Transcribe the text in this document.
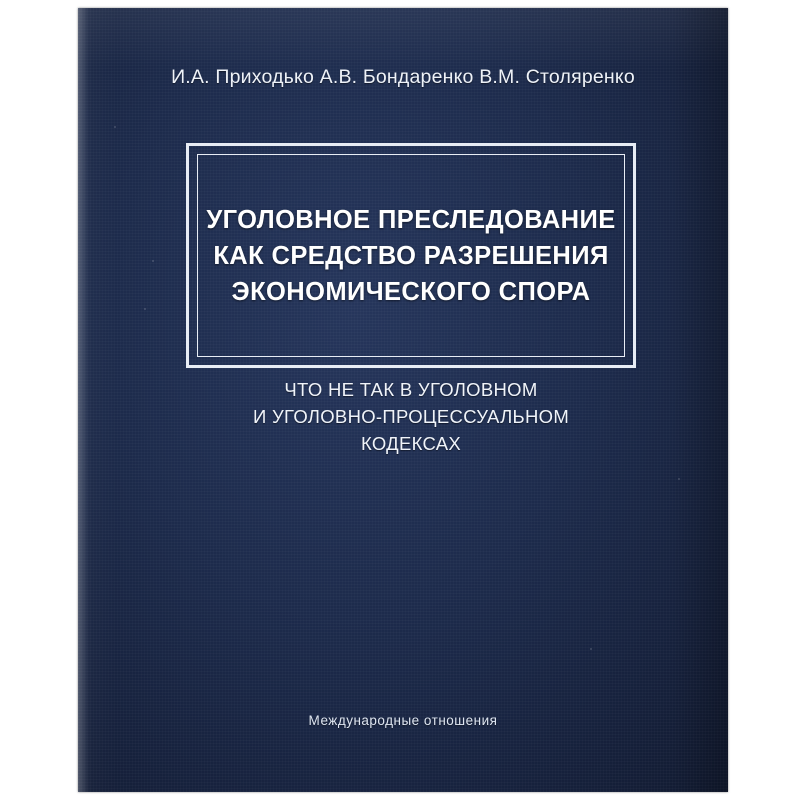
И.А. Приходько А.В. Бондаренко В.М. Столяренко
УГОЛОВНОЕ ПРЕСЛЕДОВАНИЕ
КАК СРЕДСТВО РАЗРЕШЕНИЯ
ЭКОНОМИЧЕСКОГО СПОРА
ЧТО НЕ ТАК В УГОЛОВНОМ
И УГОЛОВНО-ПРОЦЕССУАЛЬНОМ
КОДЕКСАХ
Международные отношения
